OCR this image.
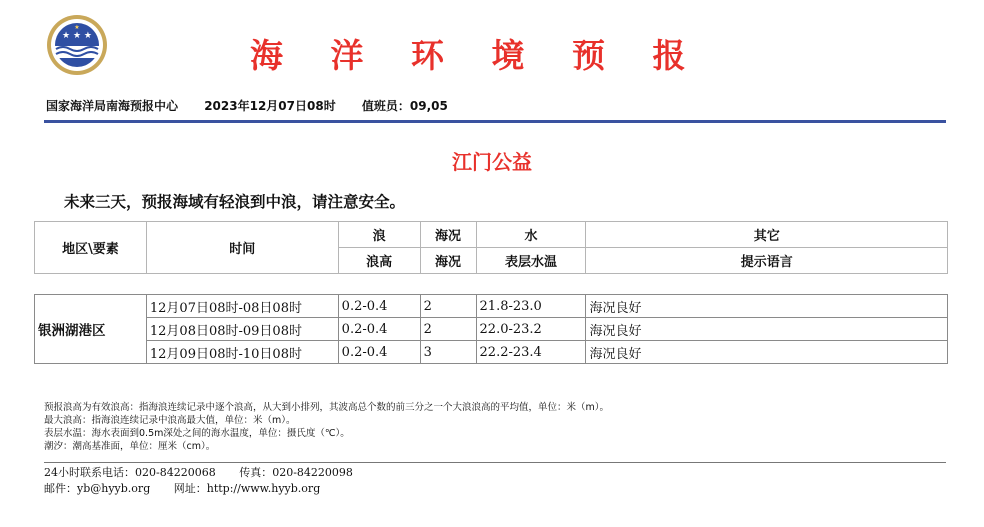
★ ★ ★
★
海 洋 环 境 预 报
国家海洋局南海预报中心 2023年12月07日08时 值班员：09,05
江门公益
未来三天，预报海域有轻浪到中浪，请注意安全。
地区\要素	时间	浪	海况	水	其它
		浪高	海况	表层水温	提示语言
银洲湖港区	12月07日08时-08日08时	0.2-0.4	2	21.8-23.0	海况良好
	12月08日08时-09日08时	0.2-0.4	2	22.0-23.2	海况良好
	12月09日08时-10日08时	0.2-0.4	3	22.2-23.4	海况良好
预报浪高为有效浪高：指海浪连续记录中逐个浪高，从大到小排列，其波高总个数的前三分之一个大浪浪高的平均值，单位：米（m）。
最大浪高：指海浪连续记录中浪高最大值，单位：米（m）。
表层水温：海水表面到0.5m深处之间的海水温度，单位：摄氏度（℃）。
潮汐：潮高基准面，单位：厘米（cm）。
24小时联系电话：020-84220068 传真：020-84220098
邮件：yb@hyyb.org 网址：http://www.hyyb.org
